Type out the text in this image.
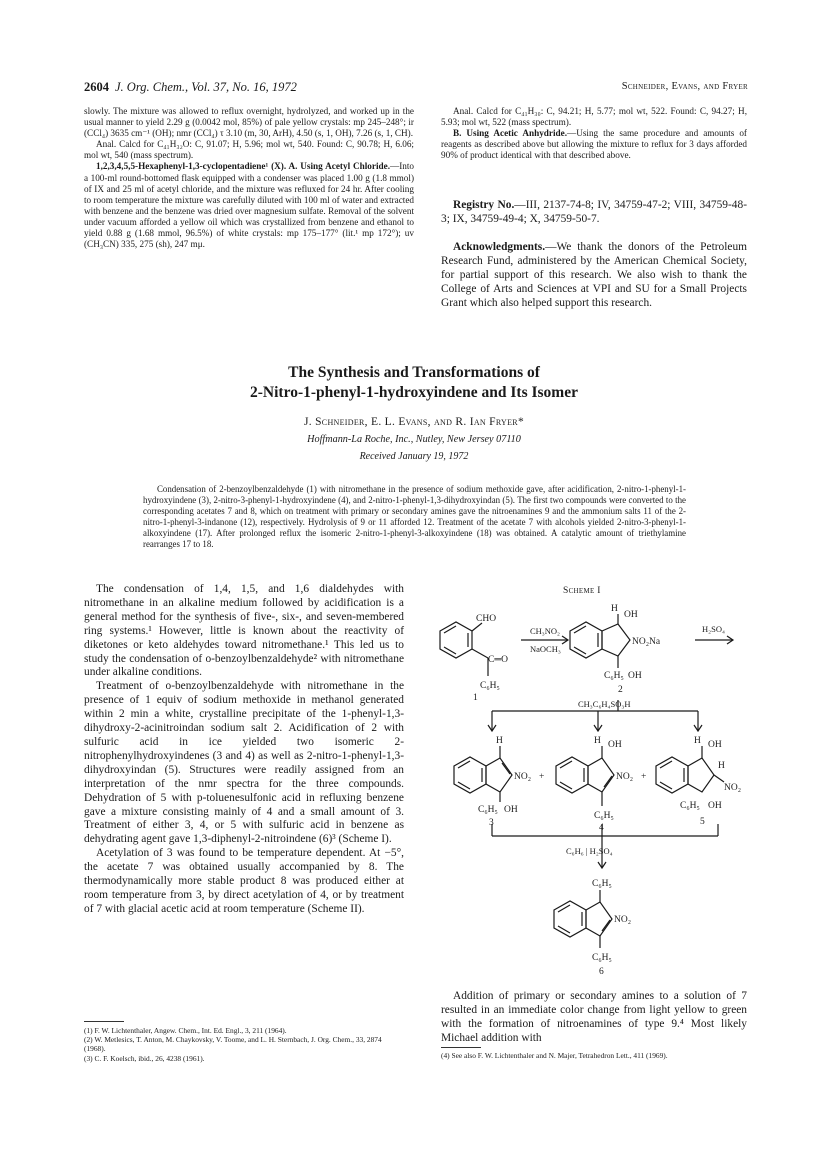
2604 J. Org. Chem., Vol. 37, No. 16, 1972	Schneider, Evans, and Fryer

slowly. The mixture was allowed to reflux overnight, hydrolyzed, and worked up in the usual manner to yield 2.29 g (0.0042 mol, 85%) of pale yellow crystals: mp 245–248°; ir (CCl₄) 3635 cm⁻¹ (OH); nmr (CCl₄) τ 3.10 (m, 30, ArH), 4.50 (s, 1, OH), 7.26 (s, 1, CH).

Anal. Calcd for C₄₁H₃₂O: C, 91.07; H, 5.96; mol wt, 540. Found: C, 90.78; H, 6.06; mol wt, 540 (mass spectrum).

1,2,3,4,5,5-Hexaphenyl-1,3-cyclopentadiene¹ (X). A. Using Acetyl Chloride.—Into a 100-ml round-bottomed flask equipped with a condenser was placed 1.00 g (1.8 mmol) of IX and 25 ml of acetyl chloride, and the mixture was refluxed for 24 hr. After cooling to room temperature the mixture was carefully diluted with 100 ml of water and extracted with benzene and the benzene was dried over magnesium sulfate. Removal of the solvent under vacuum afforded a yellow oil which was crystallized from benzene and ethanol to yield 0.88 g (1.68 mmol, 96.5%) of white crystals: mp 175–177° (lit.¹ mp 172°); uv (CH₃CN) 335, 275 (sh), 247 mμ.

Anal. Calcd for C₄₁H₃₀: C, 94.21; H, 5.77; mol wt, 522. Found: C, 94.27; H, 5.93; mol wt, 522 (mass spectrum).

B. Using Acetic Anhydride.—Using the same procedure and amounts of reagents as described above but allowing the mixture to reflux for 3 days afforded 90% of product identical with that described above.

Registry No.—III, 2137-74-8; IV, 34759-47-2; VIII, 34759-48-3; IX, 34759-49-4; X, 34759-50-7.

Acknowledgments.—We thank the donors of the Petroleum Research Fund, administered by the American Chemical Society, for partial support of this research. We also wish to thank the College of Arts and Sciences at VPI and SU for a Small Projects Grant which also helped support this research.

The Synthesis and Transformations of
2-Nitro-1-phenyl-1-hydroxyindene and Its Isomer
J. Schneider, E. L. Evans, and R. Ian Fryer*
Hoffmann-La Roche, Inc., Nutley, New Jersey 07110
Received January 19, 1972

Condensation of 2-benzoylbenzaldehyde (1) with nitromethane in the presence of sodium methoxide gave, after acidification, 2-nitro-1-phenyl-1-hydroxyindene (3), 2-nitro-3-phenyl-1-hydroxyindene (4), and 2-nitro-1-phenyl-1,3-dihydroxyindan (5). The first two compounds were converted to the corresponding acetates 7 and 8, which on treatment with primary or secondary amines gave the nitroenamines 9 and the ammonium salts 11 of the 2-nitro-1-phenyl-3-indanone (12), respectively. Hydrolysis of 9 or 11 afforded 12. Treatment of the acetate 7 with alcohols yielded 2-nitro-3-phenyl-1-alkoxyindene (17). After prolonged reflux the isomeric 2-nitro-1-phenyl-3-alkoxyindene (18) was obtained. A catalytic amount of triethylamine rearranges 17 to 18.

The condensation of 1,4, 1,5, and 1,6 dialdehydes with nitromethane in an alkaline medium followed by acidification is a general method for the synthesis of five-, six-, and seven-membered ring systems.¹ However, little is known about the reactivity of diketones or keto aldehydes toward nitromethane.¹ This led us to study the condensation of o-benzoylbenzaldehyde² with nitromethane under alkaline conditions.

Treatment of o-benzoylbenzaldehyde with nitromethane in the presence of 1 equiv of sodium methoxide in methanol generated within 2 min a white, crystalline precipitate of the 1-phenyl-1,3-dihydroxy-2-acinitroindan sodium salt 2. Acidification of 2 with sulfuric acid in ice yielded two isomeric 2-nitrophenylhydroxyindenes (3 and 4) as well as 2-nitro-1-phenyl-1,3-dihydroxyindan (5). Structures were readily assigned from an interpretation of the nmr spectra for the three compounds. Dehydration of 5 with p-toluenesulfonic acid in refluxing benzene gave a mixture consisting mainly of 4 and a small amount of 3. Treatment of either 3, 4, or 5 with sulfuric acid in benzene as dehydrating agent gave 1,3-diphenyl-2-nitroindene (6)³ (Scheme I).

Acetylation of 3 was found to be temperature dependent. At −5°, the acetate 7 was obtained usually accompanied by 8. The thermodynamically more stable product 8 was produced either at room temperature from 3, by direct acetylation of 4, or by treatment of 7 with glacial acetic acid at room temperature (Scheme II).

(1) F. W. Lichtenthaler, Angew. Chem., Int. Ed. Engl., 3, 211 (1964).

(2) W. Metlesics, T. Anton, M. Chaykovsky, V. Toome, and L. H. Sternbach, J. Org. Chem., 33, 2874 (1968).

(3) C. F. Koelsch, ibid., 26, 4238 (1961).

Scheme I
CHO
C═O
C₆H₅
1
CH₃NO₂
NaOCH₃
H
OH
NO₂Na
C₆H₅ OH
2
H₂SO₄
CH₃C₆H₄SO₃H
H
NO₂
C₆H₅ OH
3
+
H OH
NO₂
C₆H₅
4
+
H OH
H
NO₂
C₆H₅ OH
5
C₆H₆ | H₂SO₄
C₆H₅
NO₂
C₆H₅
6

Addition of primary or secondary amines to a solution of 7 resulted in an immediate color change from light yellow to green with the formation of nitroenamines of type 9.⁴ Most likely Michael addition with

(4) See also F. W. Lichtenthaler and N. Majer, Tetrahedron Lett., 411 (1969).
